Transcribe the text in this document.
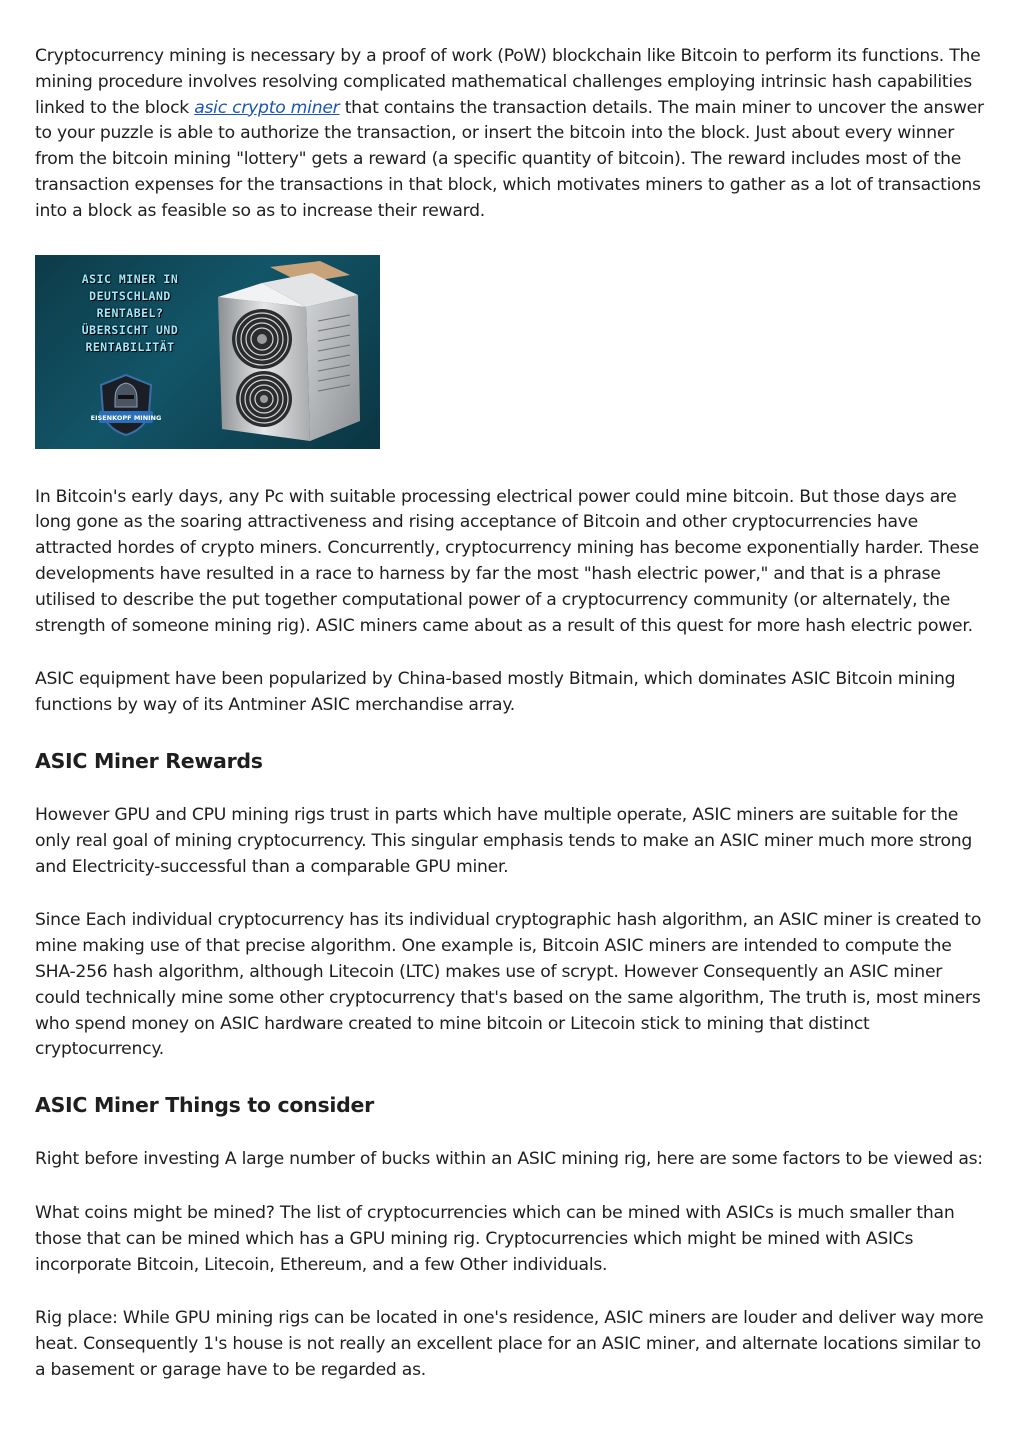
Cryptocurrency mining is necessary by a proof of work (PoW) blockchain like Bitcoin to perform its functions. The mining procedure involves resolving complicated mathematical challenges employing intrinsic hash capabilities linked to the block asic crypto miner that contains the transaction details. The main miner to uncover the answer to your puzzle is able to authorize the transaction, or insert the bitcoin into the block. Just about every winner from the bitcoin mining "lottery" gets a reward (a specific quantity of bitcoin). The reward includes most of the transaction expenses for the transactions in that block, which motivates miners to gather as a lot of transactions into a block as feasible so as to increase their reward.

ASIC MINER IN
DEUTSCHLAND
RENTABEL?
ÜBERSICHT UND
RENTABILITÄT
EISENKOPF MINING

In Bitcoin's early days, any Pc with suitable processing electrical power could mine bitcoin. But those days are long gone as the soaring attractiveness and rising acceptance of Bitcoin and other cryptocurrencies have attracted hordes of crypto miners. Concurrently, cryptocurrency mining has become exponentially harder. These developments have resulted in a race to harness by far the most "hash electric power," and that is a phrase utilised to describe the put together computational power of a cryptocurrency community (or alternately, the strength of someone mining rig). ASIC miners came about as a result of this quest for more hash electric power.

ASIC equipment have been popularized by China-based mostly Bitmain, which dominates ASIC Bitcoin mining functions by way of its Antminer ASIC merchandise array.

ASIC Miner Rewards

However GPU and CPU mining rigs trust in parts which have multiple operate, ASIC miners are suitable for the only real goal of mining cryptocurrency. This singular emphasis tends to make an ASIC miner much more strong and Electricity-successful than a comparable GPU miner.

Since Each individual cryptocurrency has its individual cryptographic hash algorithm, an ASIC miner is created to mine making use of that precise algorithm. One example is, Bitcoin ASIC miners are intended to compute the SHA-256 hash algorithm, although Litecoin (LTC) makes use of scrypt. However Consequently an ASIC miner could technically mine some other cryptocurrency that's based on the same algorithm, The truth is, most miners who spend money on ASIC hardware created to mine bitcoin or Litecoin stick to mining that distinct cryptocurrency.

ASIC Miner Things to consider

Right before investing A large number of bucks within an ASIC mining rig, here are some factors to be viewed as:

What coins might be mined? The list of cryptocurrencies which can be mined with ASICs is much smaller than those that can be mined which has a GPU mining rig. Cryptocurrencies which might be mined with ASICs incorporate Bitcoin, Litecoin, Ethereum, and a few Other individuals.

Rig place: While GPU mining rigs can be located in one's residence, ASIC miners are louder and deliver way more heat. Consequently 1's house is not really an excellent place for an ASIC miner, and alternate locations similar to a basement or garage have to be regarded as.
